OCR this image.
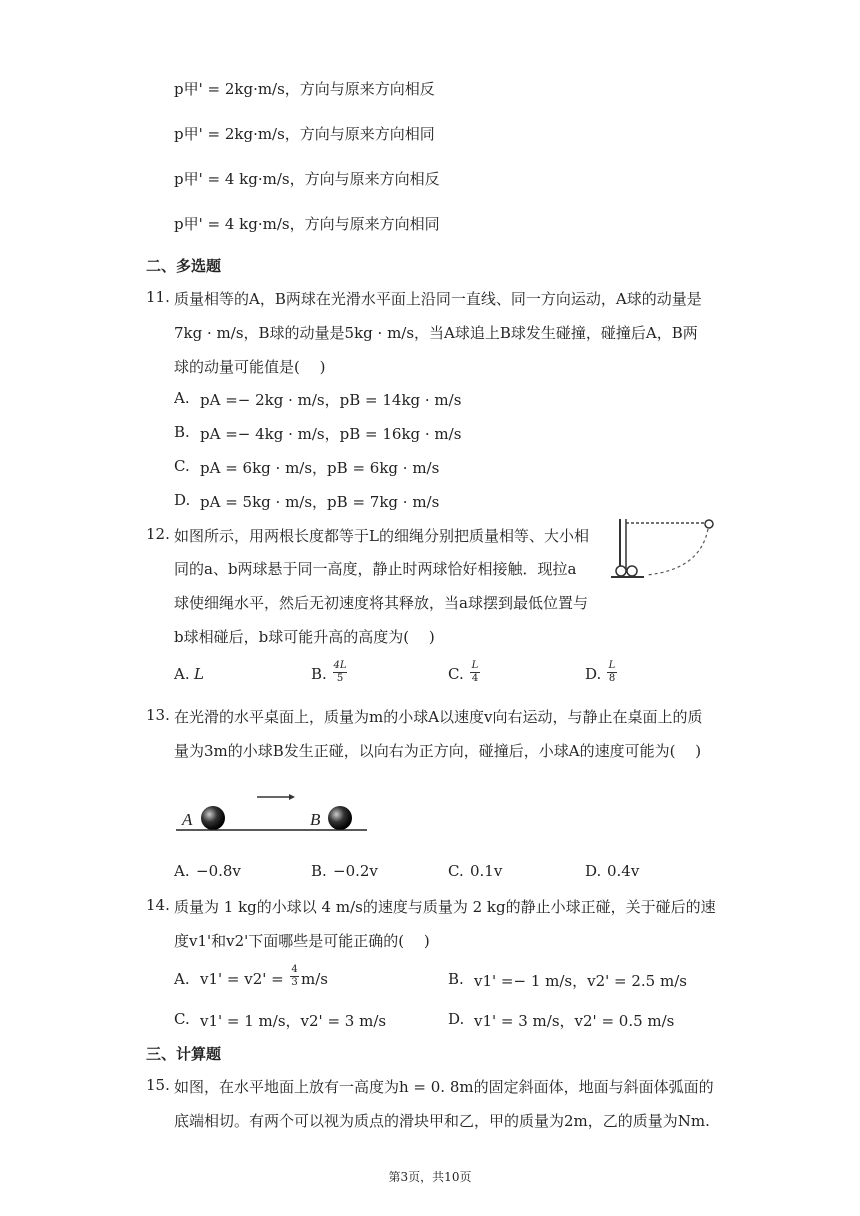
p甲' = 2kg·m/s，方向与原来方向相反
p甲' = 2kg·m/s，方向与原来方向相同
p甲' = 4 kg·m/s，方向与原来方向相反
p甲' = 4 kg·m/s，方向与原来方向相同
二、多选题
11. 质量相等的A，B两球在光滑水平面上沿同一直线、同一方向运动，A球的动量是
7kg · m/s，B球的动量是5kg · m/s，当A球追上B球发生碰撞，碰撞后A，B两
球的动量可能值是(　 )
A. pA =− 2kg · m/s，pB = 14kg · m/s
B. pA =− 4kg · m/s，pB = 16kg · m/s
C. pA = 6kg · m/s，pB = 6kg · m/s
D. pA = 5kg · m/s，pB = 7kg · m/s
12. 如图所示，用两根长度都等于L的细绳分别把质量相等、大小相
同的a、b两球悬于同一高度，静止时两球恰好相接触．现拉a
球使细绳水平，然后无初速度将其释放，当a球摆到最低位置与
b球相碰后，b球可能升高的高度为(　 )
A. L	B. $\frac{4L}{5}$	C. $\frac{L}{4}$	D. $\frac{L}{8}$
13. 在光滑的水平桌面上，质量为m的小球A以速度v向右运动，与静止在桌面上的质
量为3m的小球B发生正碰，以向右为正方向，碰撞后，小球A的速度可能为(　 )
A	B
A. −0.8v	B. −0.2v	C. 0.1v	D. 0.4v
14. 质量为 1 kg的小球以 4 m/s的速度与质量为 2 kg的静止小球正碰，关于碰后的速
度v1'和v2'下面哪些是可能正确的(　 )
A. $v1' = v2' = \frac{4}{3} m/s$	B. v1' =− 1 m/s，v2' = 2.5 m/s
C. v1' = 1 m/s，v2' = 3 m/s	D. v1' = 3 m/s，v2' = 0.5 m/s
三、计算题
15. 如图，在水平地面上放有一高度为h = 0. 8m的固定斜面体，地面与斜面体弧面的
底端相切。有两个可以视为质点的滑块甲和乙，甲的质量为2m，乙的质量为Nm.
第3页，共10页
